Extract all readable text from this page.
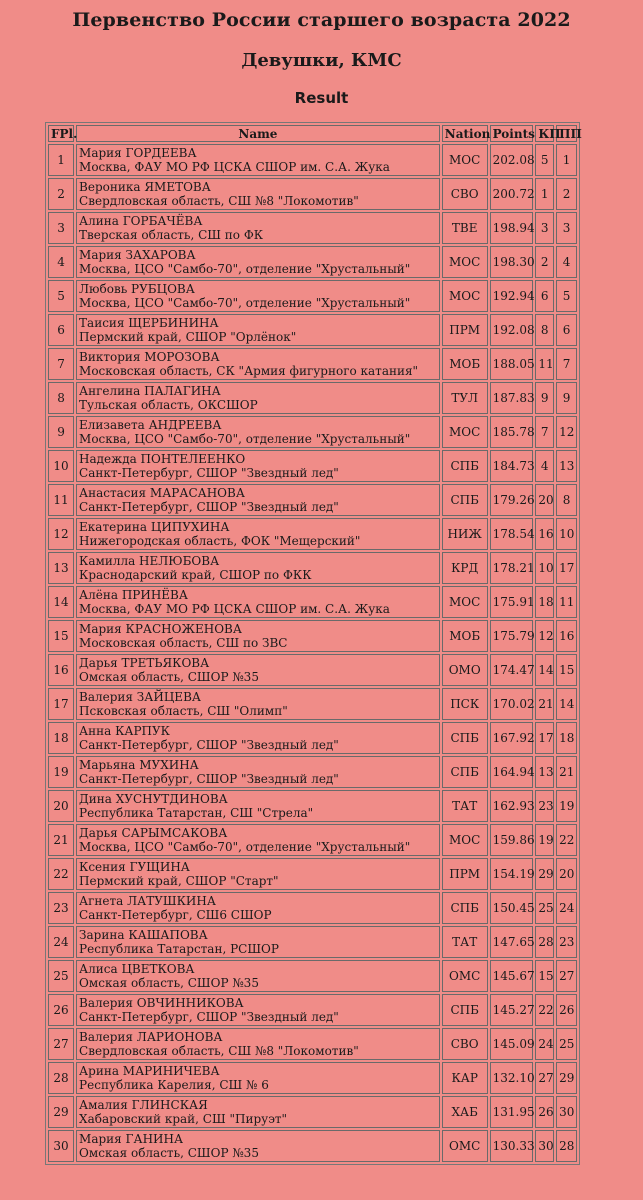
Первенство России старшего возраста 2022
Девушки, КМС
Result
FPl.	Name	Nation	Points	КП	ПП
1	Мария ГОРДЕЕВА
Москва, ФАУ МО РФ ЦСКА СШОР им. С.А. Жука	МОС	202.08	5	1
2	Вероника ЯМЕТОВА
Свердловская область, СШ №8 "Локомотив"	СВО	200.72	1	2
3	Алина ГОРБАЧЁВА
Тверская область, СШ по ФК	ТВЕ	198.94	3	3
4	Мария ЗАХАРОВА
Москва, ЦСО "Самбо-70", отделение "Хрустальный"	МОС	198.30	2	4
5	Любовь РУБЦОВА
Москва, ЦСО "Самбо-70", отделение "Хрустальный"	МОС	192.94	6	5
6	Таисия ЩЕРБИНИНА
Пермский край, СШОР "Орлёнок"	ПРМ	192.08	8	6
7	Виктория МОРОЗОВА
Московская область, СК "Армия фигурного катания"	МОБ	188.05	11	7
8	Ангелина ПАЛАГИНА
Тульская область, ОКСШОР	ТУЛ	187.83	9	9
9	Елизавета АНДРЕЕВА
Москва, ЦСО "Самбо-70", отделение "Хрустальный"	МОС	185.78	7	12
10	Надежда ПОНТЕЛЕЕНКО
Санкт-Петербург, СШОР "Звездный лед"	СПБ	184.73	4	13
11	Анастасия МАРАСАНОВА
Санкт-Петербург, СШОР "Звездный лед"	СПБ	179.26	20	8
12	Екатерина ЦИПУХИНА
Нижегородская область, ФОК "Мещерский"	НИЖ	178.54	16	10
13	Камилла НЕЛЮБОВА
Краснодарский край, СШОР по ФКК	КРД	178.21	10	17
14	Алёна ПРИНЁВА
Москва, ФАУ МО РФ ЦСКА СШОР им. С.А. Жука	МОС	175.91	18	11
15	Мария КРАСНОЖЕНОВА
Московская область, СШ по ЗВС	МОБ	175.79	12	16
16	Дарья ТРЕТЬЯКОВА
Омская область, СШОР №35	ОМО	174.47	14	15
17	Валерия ЗАЙЦЕВА
Псковская область, СШ "Олимп"	ПСК	170.02	21	14
18	Анна КАРПУК
Санкт-Петербург, СШОР "Звездный лед"	СПБ	167.92	17	18
19	Марьяна МУХИНА
Санкт-Петербург, СШОР "Звездный лед"	СПБ	164.94	13	21
20	Дина ХУСНУТДИНОВА
Республика Татарстан, СШ "Стрела"	ТАТ	162.93	23	19
21	Дарья САРЫМСАКОВА
Москва, ЦСО "Самбо-70", отделение "Хрустальный"	МОС	159.86	19	22
22	Ксения ГУЩИНА
Пермский край, СШОР "Старт"	ПРМ	154.19	29	20
23	Агнета ЛАТУШКИНА
Санкт-Петербург, СШ6 СШОР	СПБ	150.45	25	24
24	Зарина КАШАПОВА
Республика Татарстан, РСШОР	ТАТ	147.65	28	23
25	Алиса ЦВЕТКОВА
Омская область, СШОР №35	ОМС	145.67	15	27
26	Валерия ОВЧИННИКОВА
Санкт-Петербург, СШОР "Звездный лед"	СПБ	145.27	22	26
27	Валерия ЛАРИОНОВА
Свердловская область, СШ №8 "Локомотив"	СВО	145.09	24	25
28	Арина МАРИНИЧЕВА
Республика Карелия, СШ № 6	КАР	132.10	27	29
29	Амалия ГЛИНСКАЯ
Хабаровский край, СШ "Пируэт"	ХАБ	131.95	26	30
30	Мария ГАНИНА
Омская область, СШОР №35	ОМС	130.33	30	28
